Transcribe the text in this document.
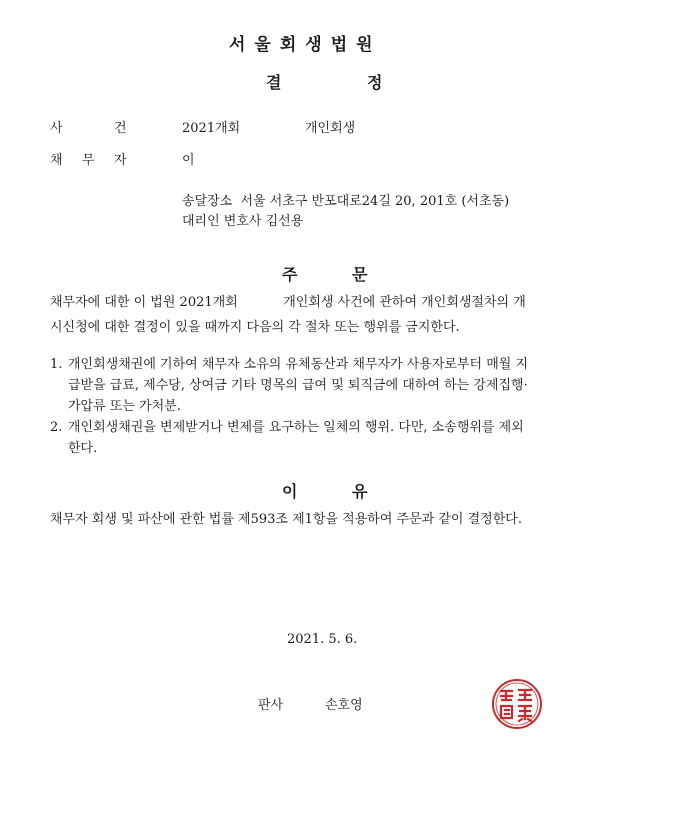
서울회생법원
결	정
사	건	2021개회	개인회생
채 무 자	이
송달장소  서울 서초구 반포대로24길 20, 201호 (서초동)
대리인 변호사 김선용
주	문
채무자에 대한 이 법원 2021개회           개인회생 사건에 관하여 개인회생절차의 개
시신청에 대한 결정이 있을 때까지 다음의 각 절차 또는 행위를 금지한다.
1. 개인회생채권에 기하여 채무자 소유의 유체동산과 채무자가 사용자로부터 매월 지
급받을 급료, 제수당, 상여금 기타 명목의 급여 및 퇴직금에 대하여 하는 강제집행·
가압류 또는 가처분.
2. 개인회생채권을 변제받거나 변제를 요구하는 일체의 행위. 다만, 소송행위를 제외
한다.
이	유
채무자 회생 및 파산에 관한 법률 제593조 제1항을 적용하여 주문과 같이 결정한다.
2021. 5. 6.
판사	손호영
